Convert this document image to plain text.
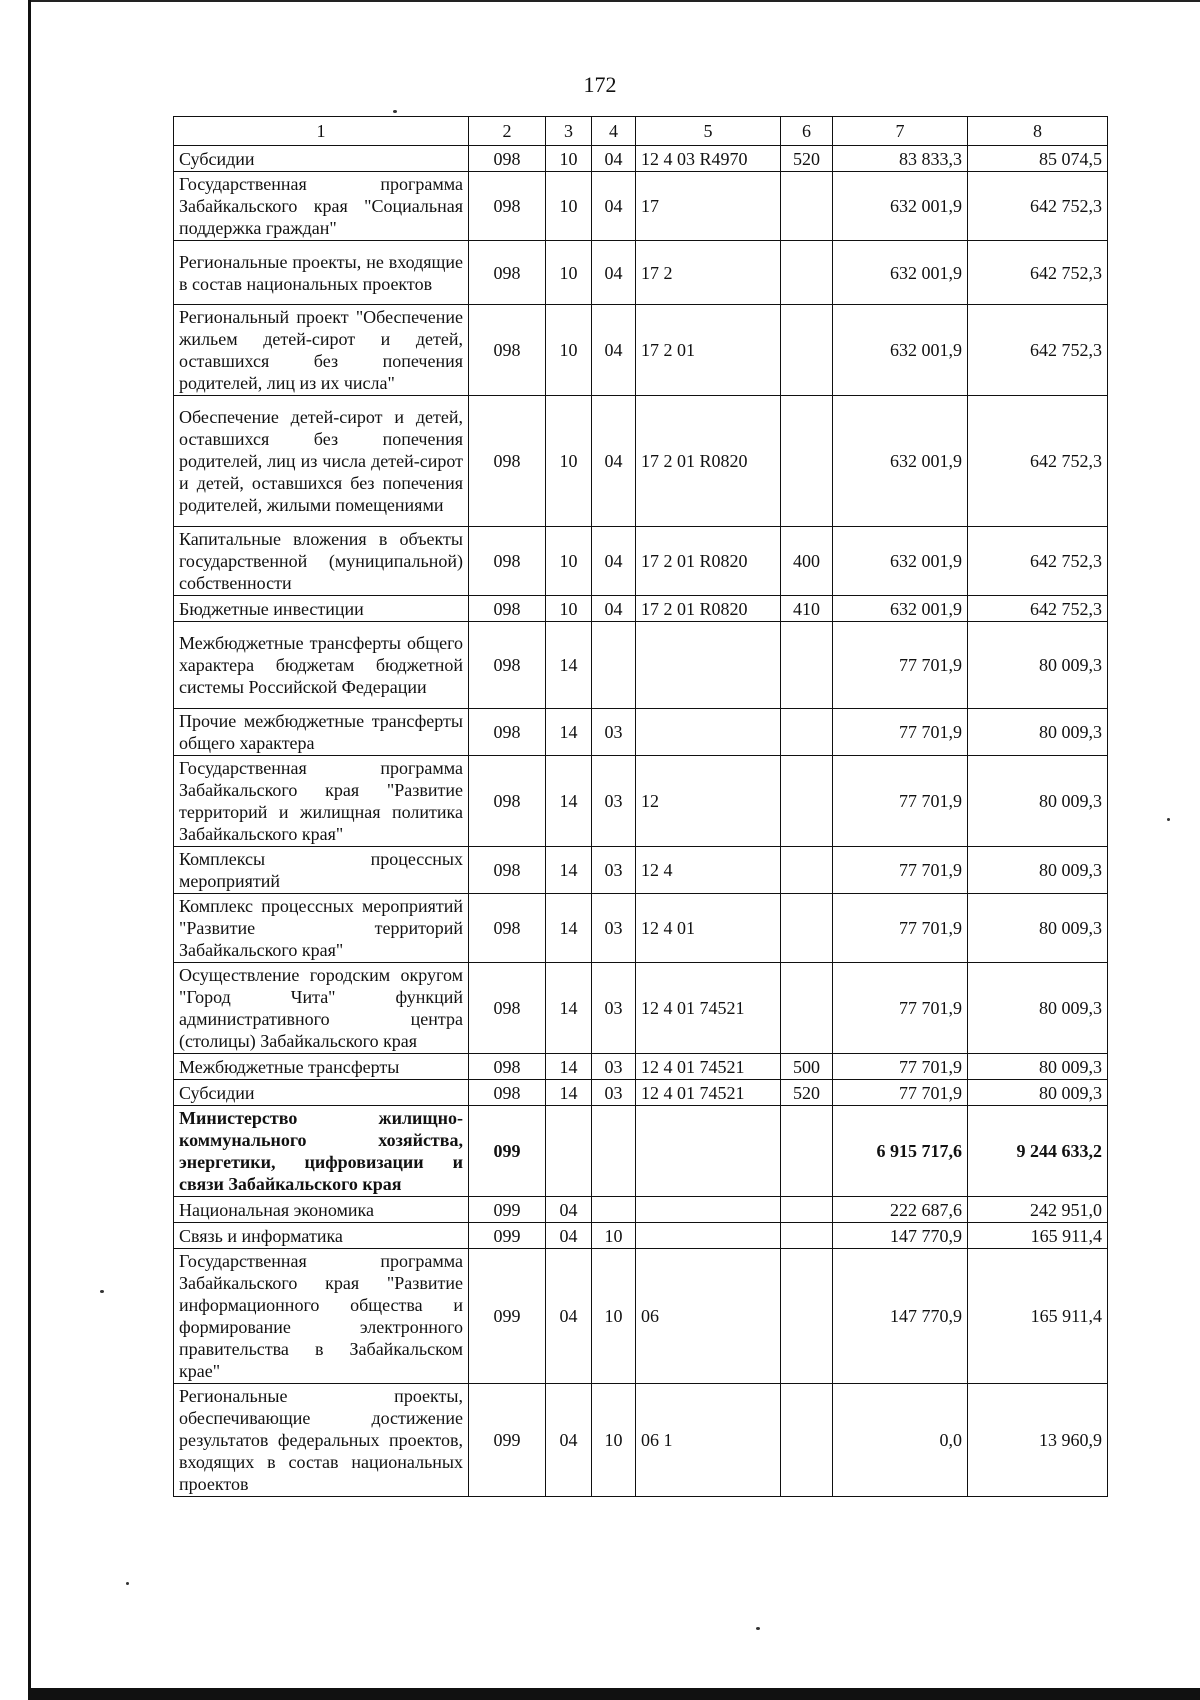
172
1	2	3	4	5	6	7	8
Субсидии	098	10	04	12 4 03 R4970	520	83 833,3	85 074,5
Государственная программа Забайкальского края "Социальная поддержка граждан"	098	10	04	17		632 001,9	642 752,3
Региональные проекты, не входящие в состав национальных проектов	098	10	04	17 2		632 001,9	642 752,3
Региональный проект "Обеспечение жильем детей-сирот и детей, оставшихся без попечения родителей, лиц из их числа"	098	10	04	17 2 01		632 001,9	642 752,3
Обеспечение детей-сирот и детей, оставшихся без попечения родителей, лиц из числа детей-сирот и детей, оставшихся без попечения родителей, жилыми помещениями	098	10	04	17 2 01 R0820		632 001,9	642 752,3
Капитальные вложения в объекты государственной (муниципальной) собственности	098	10	04	17 2 01 R0820	400	632 001,9	642 752,3
Бюджетные инвестиции	098	10	04	17 2 01 R0820	410	632 001,9	642 752,3
Межбюджетные трансферты общего характера бюджетам бюджетной системы Российской Федерации	098	14				77 701,9	80 009,3
Прочие межбюджетные трансферты общего характера	098	14	03			77 701,9	80 009,3
Государственная программа Забайкальского края "Развитие территорий и жилищная политика Забайкальского края"	098	14	03	12		77 701,9	80 009,3
Комплексы процессных мероприятий	098	14	03	12 4		77 701,9	80 009,3
Комплекс процессных мероприятий "Развитие территорий Забайкальского края"	098	14	03	12 4 01		77 701,9	80 009,3
Осуществление городским округом "Город Чита" функций административного центра (столицы) Забайкальского края	098	14	03	12 4 01 74521		77 701,9	80 009,3
Межбюджетные трансферты	098	14	03	12 4 01 74521	500	77 701,9	80 009,3
Субсидии	098	14	03	12 4 01 74521	520	77 701,9	80 009,3
Министерство жилищно-коммунального хозяйства, энергетики, цифровизации и связи Забайкальского края	099					6 915 717,6	9 244 633,2
Национальная экономика	099	04				222 687,6	242 951,0
Связь и информатика	099	04	10			147 770,9	165 911,4
Государственная программа Забайкальского края "Развитие информационного общества и формирование электронного правительства в Забайкальском крае"	099	04	10	06		147 770,9	165 911,4
Региональные проекты, обеспечивающие достижение результатов федеральных проектов, входящих в состав национальных проектов	099	04	10	06 1		0,0	13 960,9
